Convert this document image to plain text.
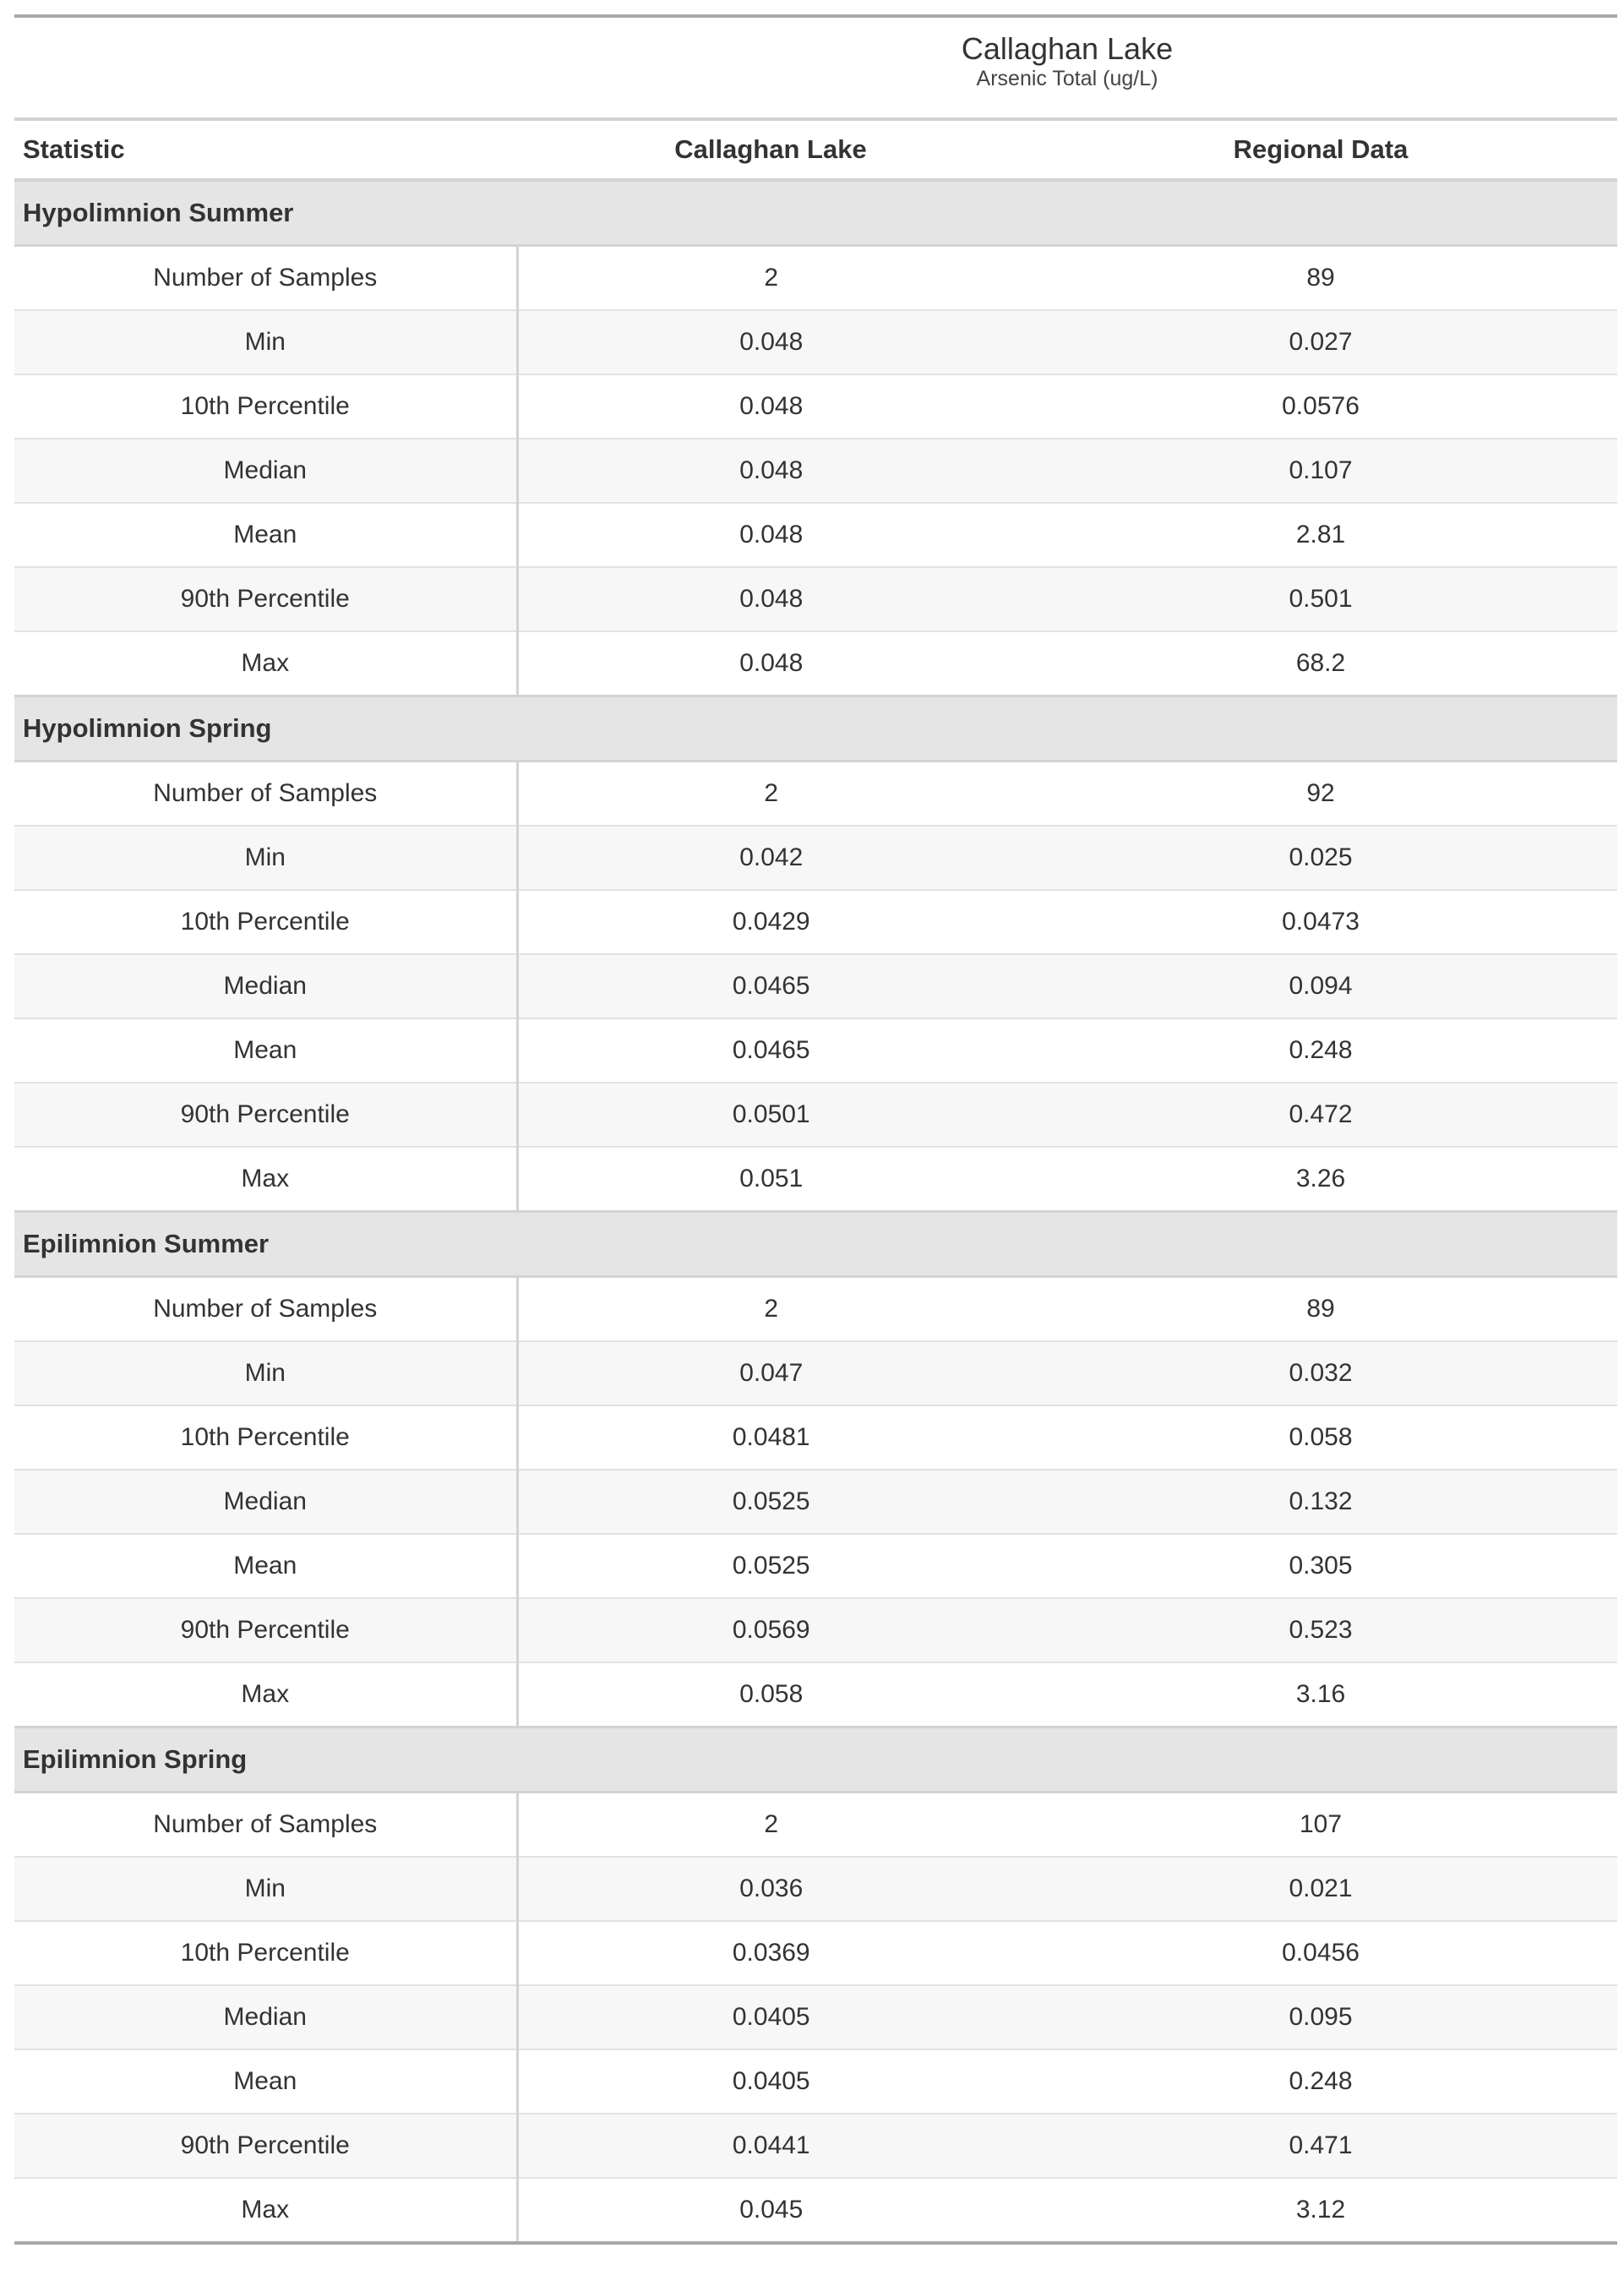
	Callaghan Lake	
	Arsenic Total (ug/L)	
Statistic	Callaghan Lake	Regional Data
Hypolimnion Summer		
Number of Samples	2	89
Min	0.048	0.027
10th Percentile	0.048	0.0576
Median	0.048	0.107
Mean	0.048	2.81
90th Percentile	0.048	0.501
Max	0.048	68.2
Hypolimnion Spring		
Number of Samples	2	92
Min	0.042	0.025
10th Percentile	0.0429	0.0473
Median	0.0465	0.094
Mean	0.0465	0.248
90th Percentile	0.0501	0.472
Max	0.051	3.26
Epilimnion Summer		
Number of Samples	2	89
Min	0.047	0.032
10th Percentile	0.0481	0.058
Median	0.0525	0.132
Mean	0.0525	0.305
90th Percentile	0.0569	0.523
Max	0.058	3.16
Epilimnion Spring		
Number of Samples	2	107
Min	0.036	0.021
10th Percentile	0.0369	0.0456
Median	0.0405	0.095
Mean	0.0405	0.248
90th Percentile	0.0441	0.471
Max	0.045	3.12
